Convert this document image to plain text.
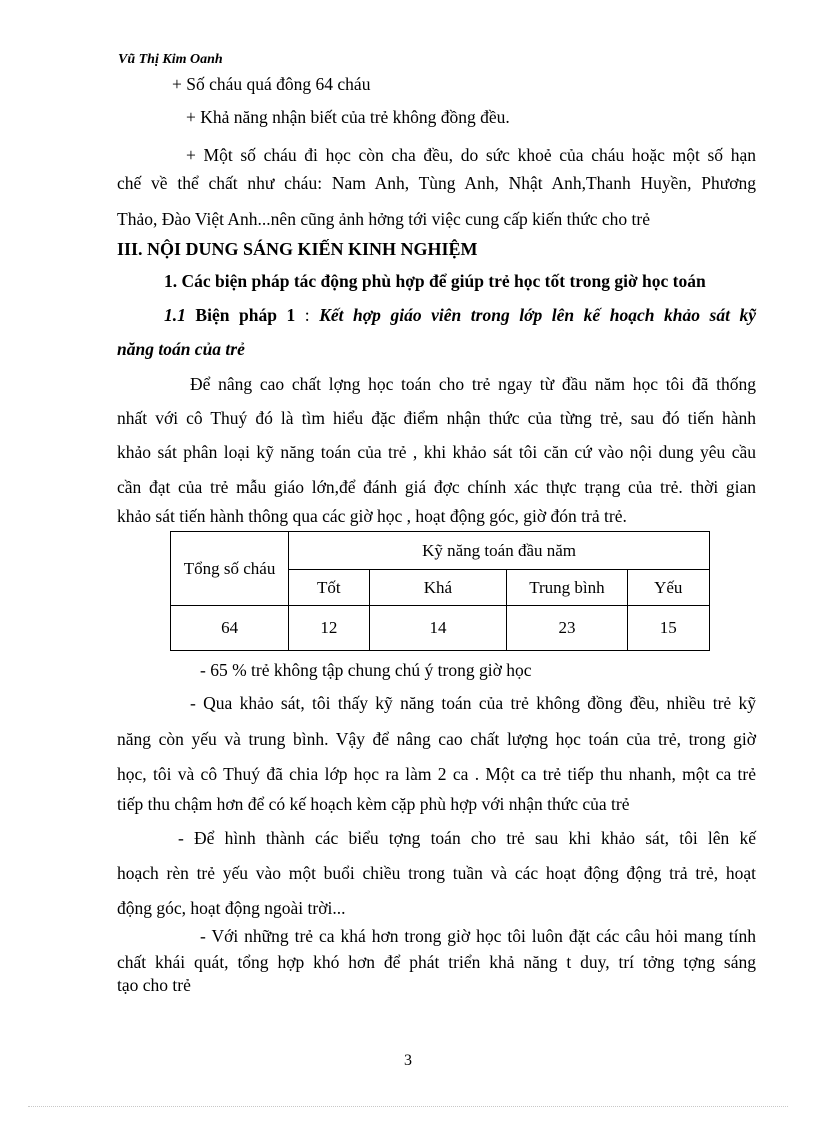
Vũ Thị Kim Oanh
+ Số cháu quá đông 64 cháu
+ Khả năng nhận biết của trẻ không đồng đều.
+ Một số cháu đi học còn cha đều, do sức khoẻ của cháu hoặc một số hạn
chế về thể chất như cháu: Nam Anh, Tùng Anh, Nhật Anh,Thanh Huyền, Phương
Thảo, Đào Việt Anh...nên cũng ảnh hởng tới việc cung cấp kiến thức cho trẻ
III. NỘI DUNG SÁNG KIẾN KINH NGHIỆM
1. Các biện pháp tác động phù hợp để giúp trẻ học tốt trong giờ học toán
1.1 Biện pháp 1 : Kết hợp giáo viên trong lớp lên kế hoạch khảo sát kỹ
năng toán của trẻ
Để nâng cao chất lợng học toán cho trẻ ngay từ đầu năm học tôi đã thống
nhất với cô Thuý đó là tìm hiểu đặc điểm nhận thức của từng trẻ, sau đó tiến hành
khảo sát phân loại kỹ năng toán của trẻ , khi khảo sát tôi căn cứ vào nội dung yêu cầu
cần đạt của trẻ mẫu giáo lớn,để đánh giá đợc chính xác thực trạng của trẻ. thời gian
khảo sát tiến hành thông qua các giờ học , hoạt động góc, giờ đón trả trẻ.
Tổng số cháu	Kỹ năng toán đầu năm			
	Tốt	Khá	Trung bình	Yếu
64	12	14	23	15
- 65 % trẻ không tập chung chú ý trong giờ học
- Qua khảo sát, tôi thấy kỹ năng toán của trẻ không đồng đều, nhiều trẻ kỹ
năng còn yếu và trung bình. Vậy để nâng cao chất lượng học toán của trẻ, trong giờ
học, tôi và cô Thuý đã chia lớp học ra làm 2 ca . Một ca trẻ tiếp thu nhanh, một ca trẻ
tiếp thu chậm hơn để có kế hoạch kèm cặp phù hợp với nhận thức của trẻ
- Để hình thành các biểu tợng toán cho trẻ sau khi khảo sát, tôi lên kế
hoạch rèn trẻ yếu vào một buổi chiều trong tuần và các hoạt động động trả trẻ, hoạt
động góc, hoạt động ngoài trời...
- Với những trẻ ca khá hơn trong giờ học tôi luôn đặt các câu hỏi mang tính
chất khái quát, tổng hợp khó hơn để phát triển khả năng t duy, trí tởng tợng sáng
tạo cho trẻ
3
